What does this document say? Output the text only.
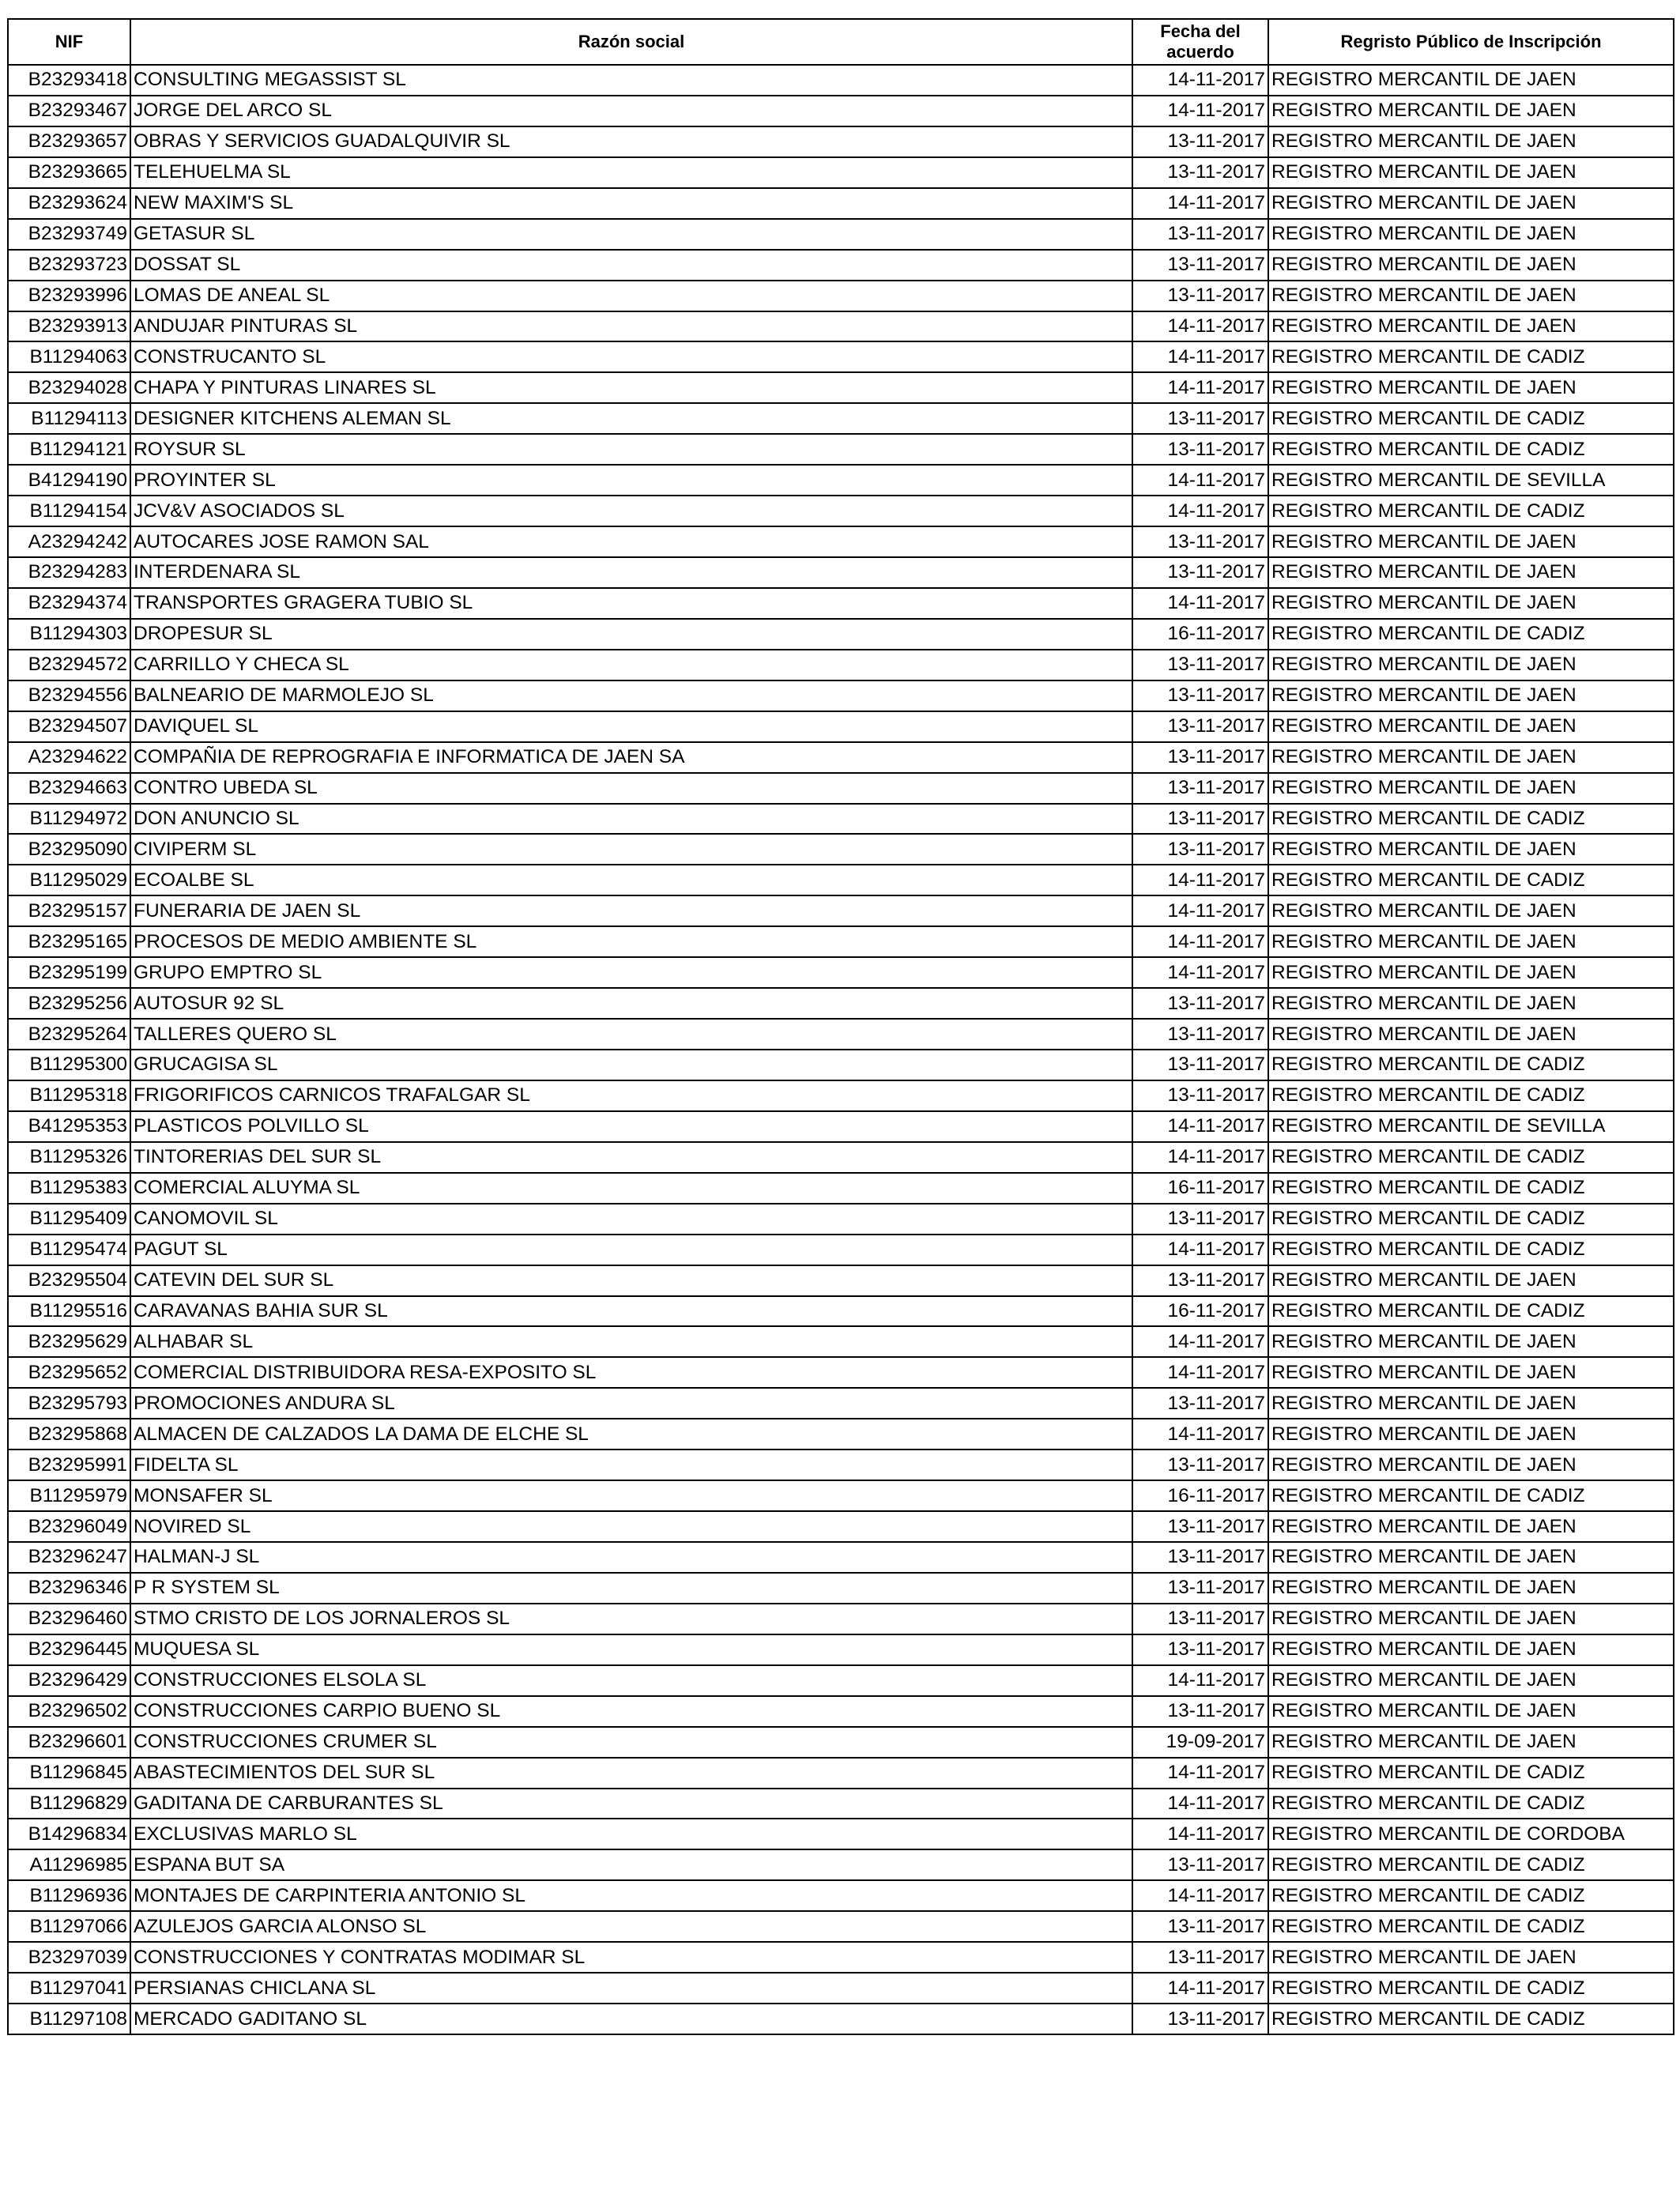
NIF	Razón social	Fecha del acuerdo	Regristo Público de Inscripción
B23293418	CONSULTING MEGASSIST SL	14-11-2017	REGISTRO MERCANTIL DE JAEN
B23293467	JORGE DEL ARCO SL	14-11-2017	REGISTRO MERCANTIL DE JAEN
B23293657	OBRAS Y SERVICIOS GUADALQUIVIR SL	13-11-2017	REGISTRO MERCANTIL DE JAEN
B23293665	TELEHUELMA SL	13-11-2017	REGISTRO MERCANTIL DE JAEN
B23293624	NEW MAXIM'S SL	14-11-2017	REGISTRO MERCANTIL DE JAEN
B23293749	GETASUR SL	13-11-2017	REGISTRO MERCANTIL DE JAEN
B23293723	DOSSAT SL	13-11-2017	REGISTRO MERCANTIL DE JAEN
B23293996	LOMAS DE ANEAL SL	13-11-2017	REGISTRO MERCANTIL DE JAEN
B23293913	ANDUJAR PINTURAS SL	14-11-2017	REGISTRO MERCANTIL DE JAEN
B11294063	CONSTRUCANTO SL	14-11-2017	REGISTRO MERCANTIL DE CADIZ
B23294028	CHAPA Y PINTURAS LINARES SL	14-11-2017	REGISTRO MERCANTIL DE JAEN
B11294113	DESIGNER KITCHENS ALEMAN SL	13-11-2017	REGISTRO MERCANTIL DE CADIZ
B11294121	ROYSUR SL	13-11-2017	REGISTRO MERCANTIL DE CADIZ
B41294190	PROYINTER SL	14-11-2017	REGISTRO MERCANTIL DE SEVILLA
B11294154	JCV&V ASOCIADOS SL	14-11-2017	REGISTRO MERCANTIL DE CADIZ
A23294242	AUTOCARES JOSE RAMON SAL	13-11-2017	REGISTRO MERCANTIL DE JAEN
B23294283	INTERDENARA SL	13-11-2017	REGISTRO MERCANTIL DE JAEN
B23294374	TRANSPORTES GRAGERA TUBIO SL	14-11-2017	REGISTRO MERCANTIL DE JAEN
B11294303	DROPESUR SL	16-11-2017	REGISTRO MERCANTIL DE CADIZ
B23294572	CARRILLO Y CHECA SL	13-11-2017	REGISTRO MERCANTIL DE JAEN
B23294556	BALNEARIO DE MARMOLEJO SL	13-11-2017	REGISTRO MERCANTIL DE JAEN
B23294507	DAVIQUEL SL	13-11-2017	REGISTRO MERCANTIL DE JAEN
A23294622	COMPAÑIA DE REPROGRAFIA E INFORMATICA DE JAEN SA	13-11-2017	REGISTRO MERCANTIL DE JAEN
B23294663	CONTRO UBEDA SL	13-11-2017	REGISTRO MERCANTIL DE JAEN
B11294972	DON ANUNCIO SL	13-11-2017	REGISTRO MERCANTIL DE CADIZ
B23295090	CIVIPERM SL	13-11-2017	REGISTRO MERCANTIL DE JAEN
B11295029	ECOALBE SL	14-11-2017	REGISTRO MERCANTIL DE CADIZ
B23295157	FUNERARIA DE JAEN SL	14-11-2017	REGISTRO MERCANTIL DE JAEN
B23295165	PROCESOS DE MEDIO AMBIENTE SL	14-11-2017	REGISTRO MERCANTIL DE JAEN
B23295199	GRUPO EMPTRO SL	14-11-2017	REGISTRO MERCANTIL DE JAEN
B23295256	AUTOSUR 92 SL	13-11-2017	REGISTRO MERCANTIL DE JAEN
B23295264	TALLERES QUERO SL	13-11-2017	REGISTRO MERCANTIL DE JAEN
B11295300	GRUCAGISA SL	13-11-2017	REGISTRO MERCANTIL DE CADIZ
B11295318	FRIGORIFICOS CARNICOS TRAFALGAR SL	13-11-2017	REGISTRO MERCANTIL DE CADIZ
B41295353	PLASTICOS POLVILLO SL	14-11-2017	REGISTRO MERCANTIL DE SEVILLA
B11295326	TINTORERIAS DEL SUR SL	14-11-2017	REGISTRO MERCANTIL DE CADIZ
B11295383	COMERCIAL ALUYMA SL	16-11-2017	REGISTRO MERCANTIL DE CADIZ
B11295409	CANOMOVIL SL	13-11-2017	REGISTRO MERCANTIL DE CADIZ
B11295474	PAGUT SL	14-11-2017	REGISTRO MERCANTIL DE CADIZ
B23295504	CATEVIN DEL SUR SL	13-11-2017	REGISTRO MERCANTIL DE JAEN
B11295516	CARAVANAS BAHIA SUR SL	16-11-2017	REGISTRO MERCANTIL DE CADIZ
B23295629	ALHABAR SL	14-11-2017	REGISTRO MERCANTIL DE JAEN
B23295652	COMERCIAL DISTRIBUIDORA RESA-EXPOSITO SL	14-11-2017	REGISTRO MERCANTIL DE JAEN
B23295793	PROMOCIONES ANDURA SL	13-11-2017	REGISTRO MERCANTIL DE JAEN
B23295868	ALMACEN DE CALZADOS LA DAMA DE ELCHE SL	14-11-2017	REGISTRO MERCANTIL DE JAEN
B23295991	FIDELTA SL	13-11-2017	REGISTRO MERCANTIL DE JAEN
B11295979	MONSAFER SL	16-11-2017	REGISTRO MERCANTIL DE CADIZ
B23296049	NOVIRED SL	13-11-2017	REGISTRO MERCANTIL DE JAEN
B23296247	HALMAN-J SL	13-11-2017	REGISTRO MERCANTIL DE JAEN
B23296346	P R SYSTEM SL	13-11-2017	REGISTRO MERCANTIL DE JAEN
B23296460	STMO CRISTO DE LOS JORNALEROS SL	13-11-2017	REGISTRO MERCANTIL DE JAEN
B23296445	MUQUESA SL	13-11-2017	REGISTRO MERCANTIL DE JAEN
B23296429	CONSTRUCCIONES ELSOLA SL	14-11-2017	REGISTRO MERCANTIL DE JAEN
B23296502	CONSTRUCCIONES CARPIO BUENO SL	13-11-2017	REGISTRO MERCANTIL DE JAEN
B23296601	CONSTRUCCIONES CRUMER SL	19-09-2017	REGISTRO MERCANTIL DE JAEN
B11296845	ABASTECIMIENTOS DEL SUR SL	14-11-2017	REGISTRO MERCANTIL DE CADIZ
B11296829	GADITANA DE CARBURANTES SL	14-11-2017	REGISTRO MERCANTIL DE CADIZ
B14296834	EXCLUSIVAS MARLO SL	14-11-2017	REGISTRO MERCANTIL DE CORDOBA
A11296985	ESPANA BUT SA	13-11-2017	REGISTRO MERCANTIL DE CADIZ
B11296936	MONTAJES DE CARPINTERIA ANTONIO SL	14-11-2017	REGISTRO MERCANTIL DE CADIZ
B11297066	AZULEJOS GARCIA ALONSO SL	13-11-2017	REGISTRO MERCANTIL DE CADIZ
B23297039	CONSTRUCCIONES Y CONTRATAS MODIMAR SL	13-11-2017	REGISTRO MERCANTIL DE JAEN
B11297041	PERSIANAS CHICLANA SL	14-11-2017	REGISTRO MERCANTIL DE CADIZ
B11297108	MERCADO GADITANO SL	13-11-2017	REGISTRO MERCANTIL DE CADIZ
